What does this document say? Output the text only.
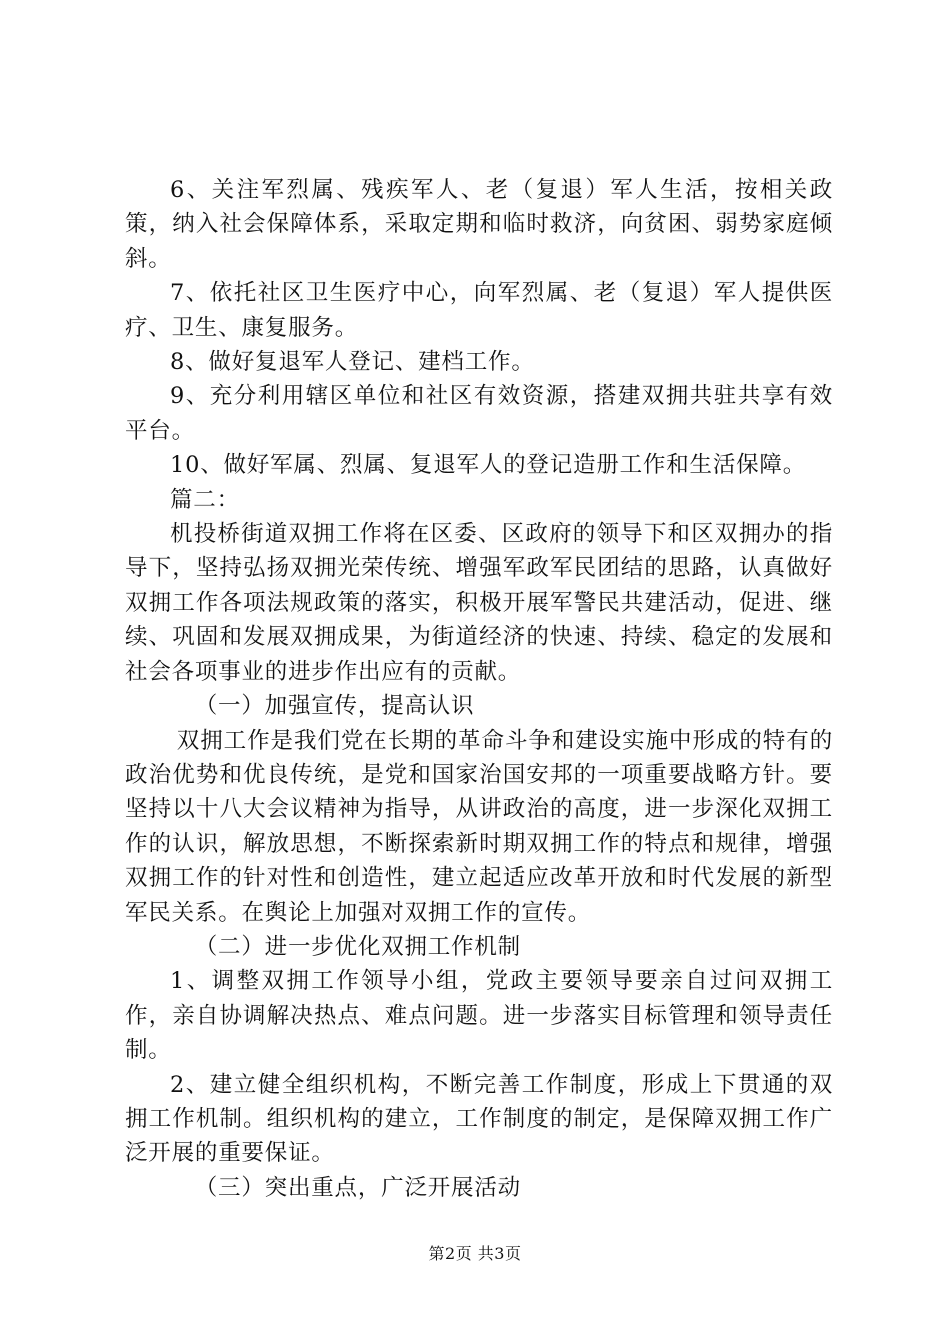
6、关注军烈属、残疾军人、老（复退）军人生活，按相关政策，纳入社会保障体系，采取定期和临时救济，向贫困、弱势家庭倾斜。

7、依托社区卫生医疗中心，向军烈属、老（复退）军人提供医疗、卫生、康复服务。

8、做好复退军人登记、建档工作。

9、充分利用辖区单位和社区有效资源，搭建双拥共驻共享有效平台。

10、做好军属、烈属、复退军人的登记造册工作和生活保障。

篇二：

机投桥街道双拥工作将在区委、区政府的领导下和区双拥办的指导下，坚持弘扬双拥光荣传统、增强军政军民团结的思路，认真做好双拥工作各项法规政策的落实，积极开展军警民共建活动，促进、继续、巩固和发展双拥成果，为街道经济的快速、持续、稳定的发展和社会各项事业的进步作出应有的贡献。

（一）加强宣传，提高认识

双拥工作是我们党在长期的革命斗争和建设实施中形成的特有的政治优势和优良传统，是党和国家治国安邦的一项重要战略方针。要坚持以十八大会议精神为指导，从讲政治的高度，进一步深化双拥工作的认识，解放思想，不断探索新时期双拥工作的特点和规律，增强双拥工作的针对性和创造性，建立起适应改革开放和时代发展的新型军民关系。在舆论上加强对双拥工作的宣传。

（二）进一步优化双拥工作机制

1、调整双拥工作领导小组，党政主要领导要亲自过问双拥工作，亲自协调解决热点、难点问题。进一步落实目标管理和领导责任制。

2、建立健全组织机构，不断完善工作制度，形成上下贯通的双拥工作机制。组织机构的建立，工作制度的制定，是保障双拥工作广泛开展的重要保证。

（三）突出重点，广泛开展活动

第2页 共3页
